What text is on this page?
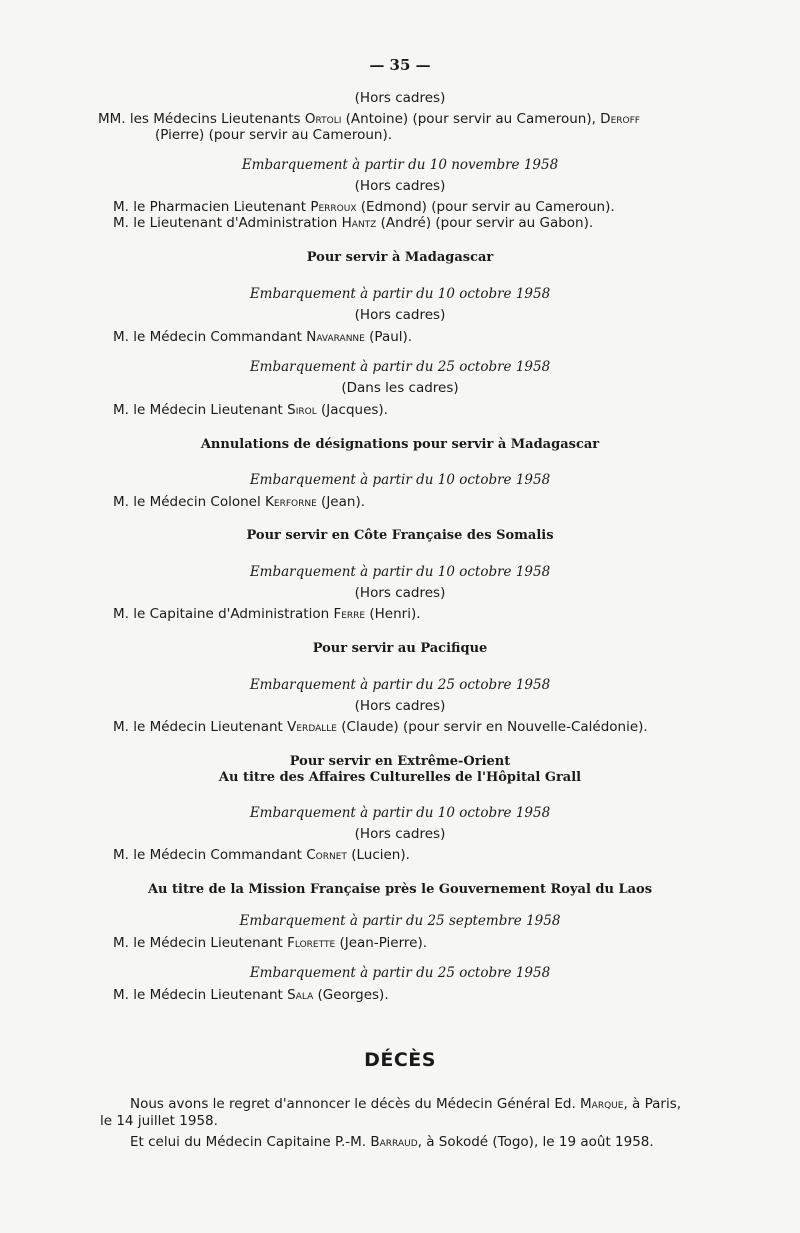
— 35 —
(Hors cadres)
MM. les Médecins Lieutenants Ortoli (Antoine) (pour servir au Cameroun), Deroff
(Pierre) (pour servir au Cameroun).
Embarquement à partir du 10 novembre 1958
(Hors cadres)
M. le Pharmacien Lieutenant Perroux (Edmond) (pour servir au Cameroun).
M. le Lieutenant d'Administration Hantz (André) (pour servir au Gabon).
Pour servir à Madagascar
Embarquement à partir du 10 octobre 1958
(Hors cadres)
M. le Médecin Commandant Navaranne (Paul).
Embarquement à partir du 25 octobre 1958
(Dans les cadres)
M. le Médecin Lieutenant Sirol (Jacques).
Annulations de désignations pour servir à Madagascar
Embarquement à partir du 10 octobre 1958
M. le Médecin Colonel Kerforne (Jean).
Pour servir en Côte Française des Somalis
Embarquement à partir du 10 octobre 1958
(Hors cadres)
M. le Capitaine d'Administration Ferre (Henri).
Pour servir au Pacifique
Embarquement à partir du 25 octobre 1958
(Hors cadres)
M. le Médecin Lieutenant Verdalle (Claude) (pour servir en Nouvelle-Calédonie).
Pour servir en Extrême-Orient
Au titre des Affaires Culturelles de l'Hôpital Grall
Embarquement à partir du 10 octobre 1958
(Hors cadres)
M. le Médecin Commandant Cornet (Lucien).
Au titre de la Mission Française près le Gouvernement Royal du Laos
Embarquement à partir du 25 septembre 1958
M. le Médecin Lieutenant Florette (Jean-Pierre).
Embarquement à partir du 25 octobre 1958
M. le Médecin Lieutenant Sala (Georges).
DÉCÈS
Nous avons le regret d'annoncer le décès du Médecin Général Ed. Marque, à Paris,
le 14 juillet 1958.
Et celui du Médecin Capitaine P.-M. Barraud, à Sokodé (Togo), le 19 août 1958.
